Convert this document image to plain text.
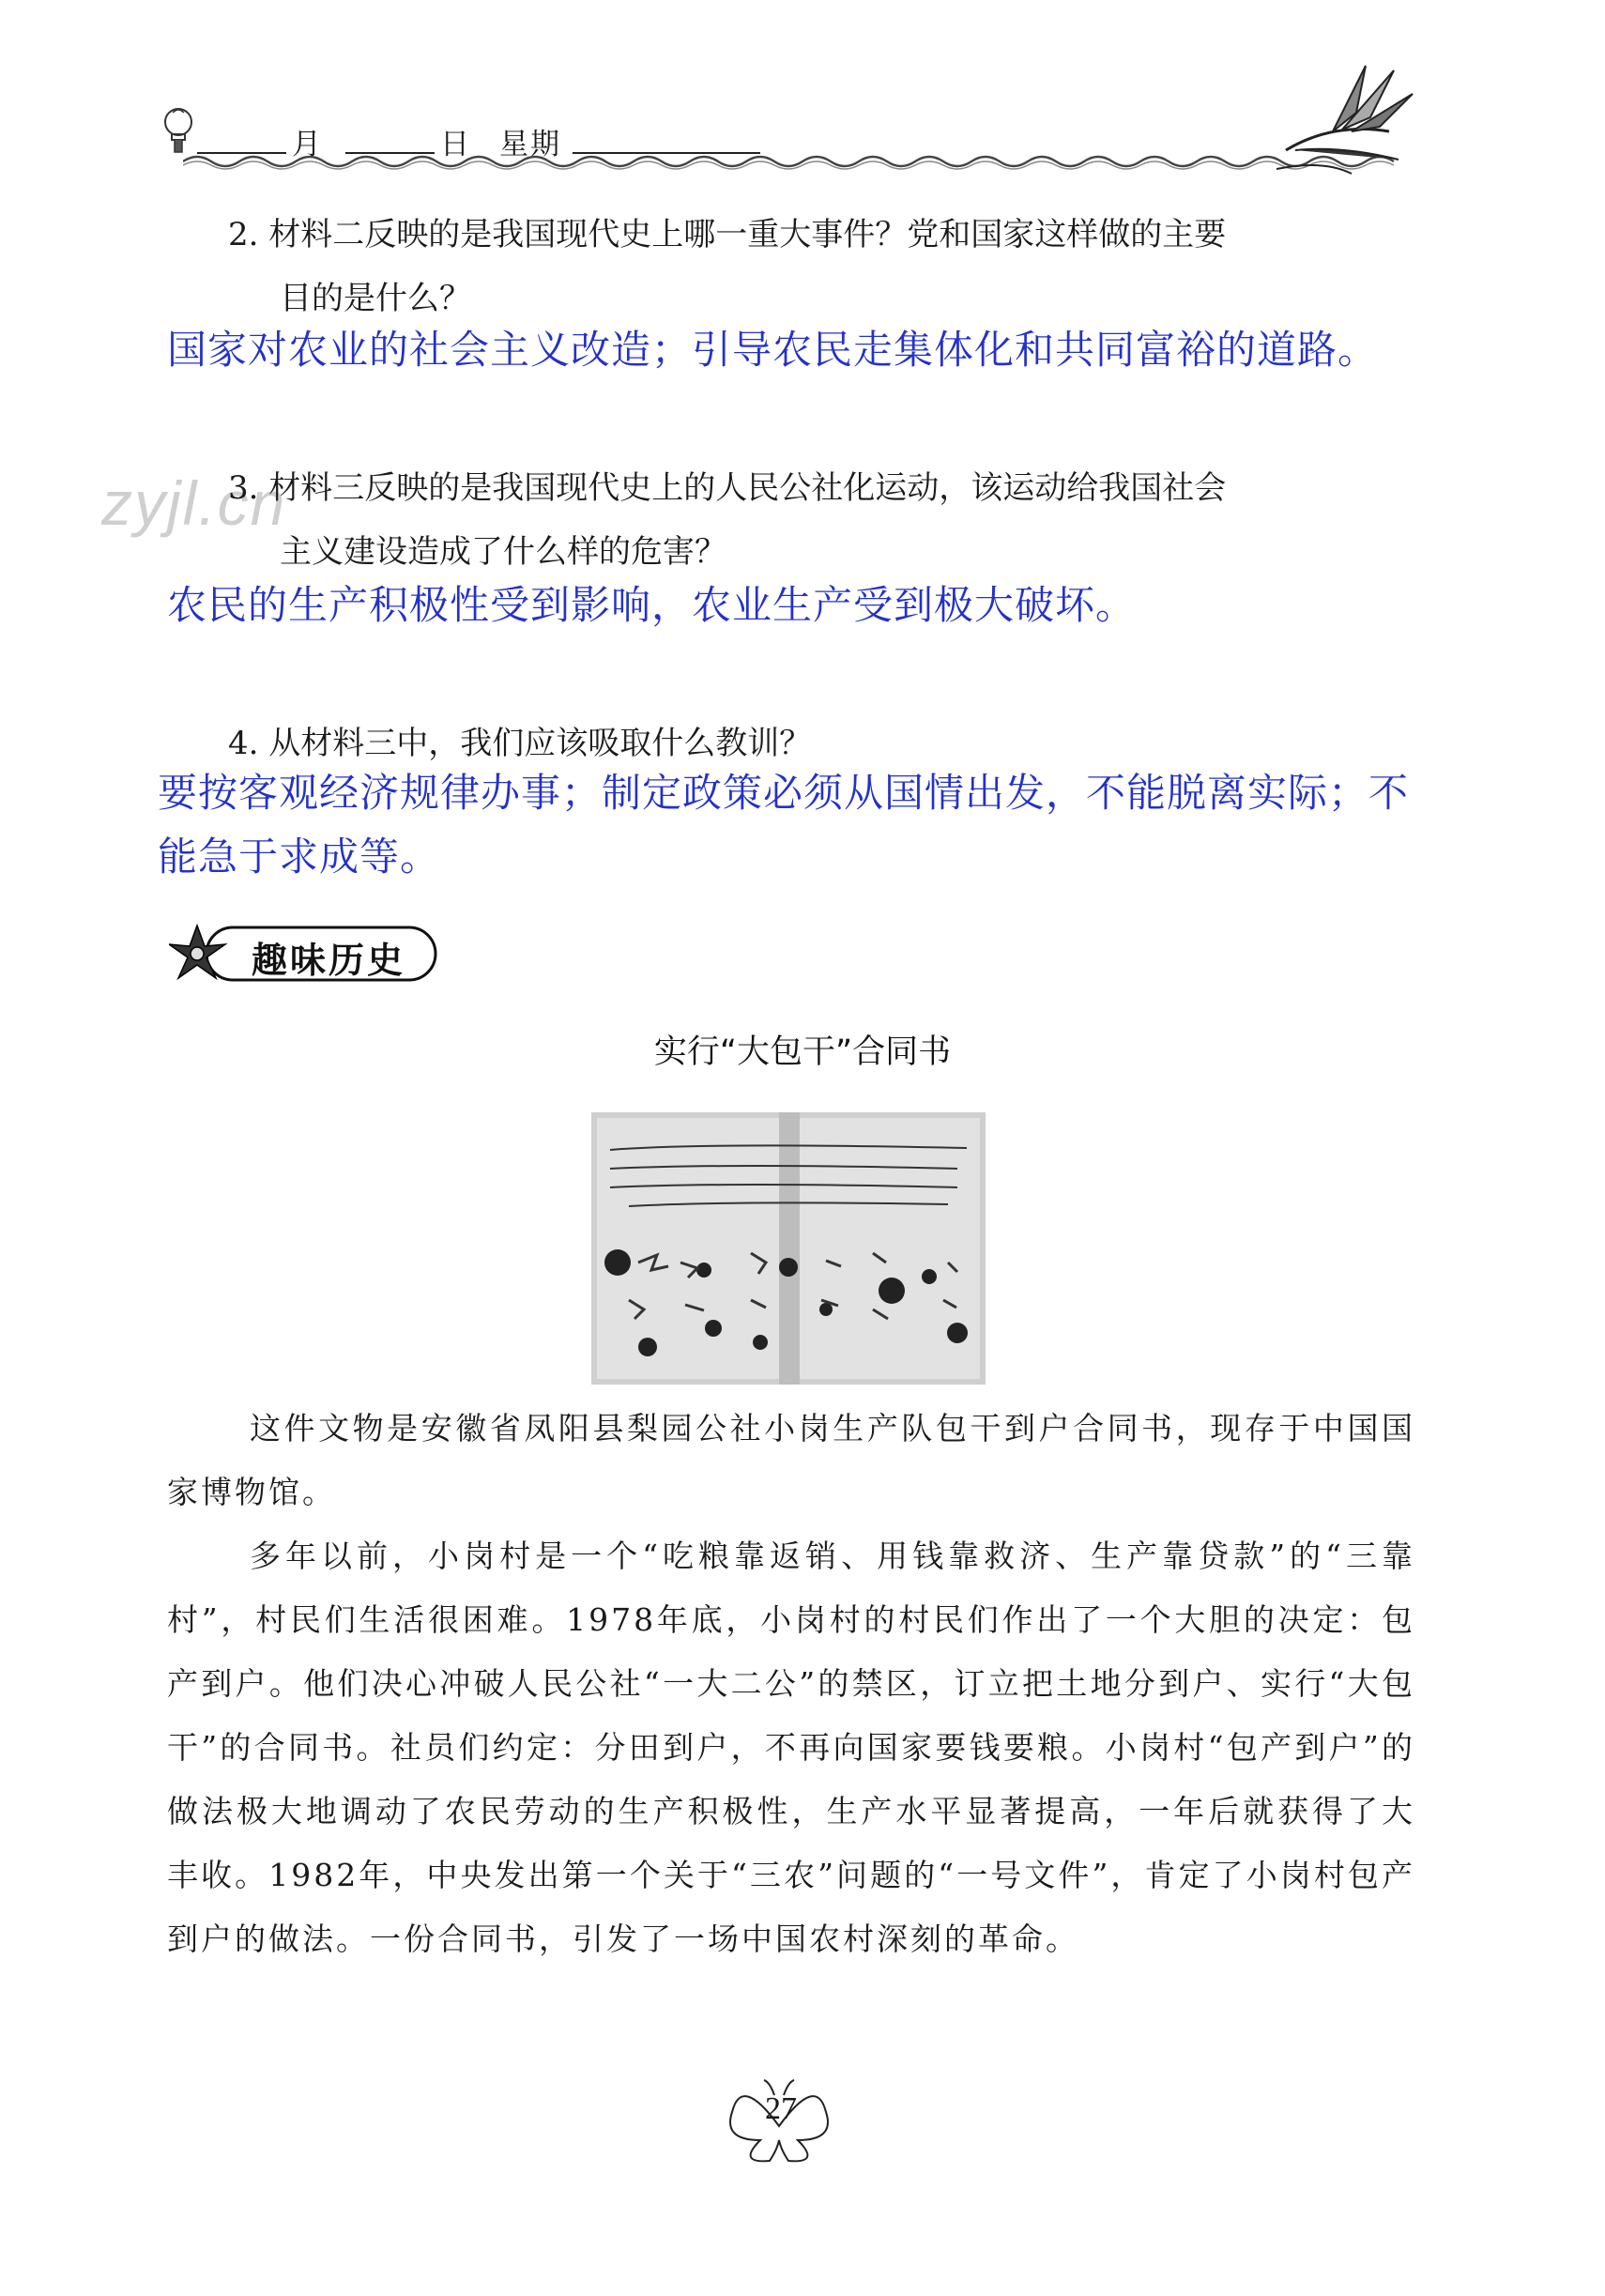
月	日 星期
2. 材料二反映的是我国现代史上哪一重大事件？党和国家这样做的主要
目的是什么？
国家对农业的社会主义改造；引导农民走集体化和共同富裕的道路。
zyjl.cn
3. 材料三反映的是我国现代史上的人民公社化运动，该运动给我国社会
主义建设造成了什么样的危害？
农民的生产积极性受到影响，农业生产受到极大破坏。
4. 从材料三中，我们应该吸取什么教训？
要按客观经济规律办事；制定政策必须从国情出发，不能脱离实际；不
能急于求成等。
趣味历史
实行“大包干”合同书
这件文物是安徽省凤阳县梨园公社小岗生产队包干到户合同书，现存于中国国家博物馆。
多年以前，小岗村是一个“吃粮靠返销、用钱靠救济、生产靠贷款”的“三靠村”，村民们生活很困难。1978年底，小岗村的村民们作出了一个大胆的决定：包产到户。他们决心冲破人民公社“一大二公”的禁区，订立把土地分到户、实行“大包干”的合同书。社员们约定：分田到户，不再向国家要钱要粮。小岗村“包产到户”的做法极大地调动了农民劳动的生产积极性，生产水平显著提高，一年后就获得了大丰收。1982年，中央发出第一个关于“三农”问题的“一号文件”，肯定了小岗村包产到户的做法。一份合同书，引发了一场中国农村深刻的革命。
27
